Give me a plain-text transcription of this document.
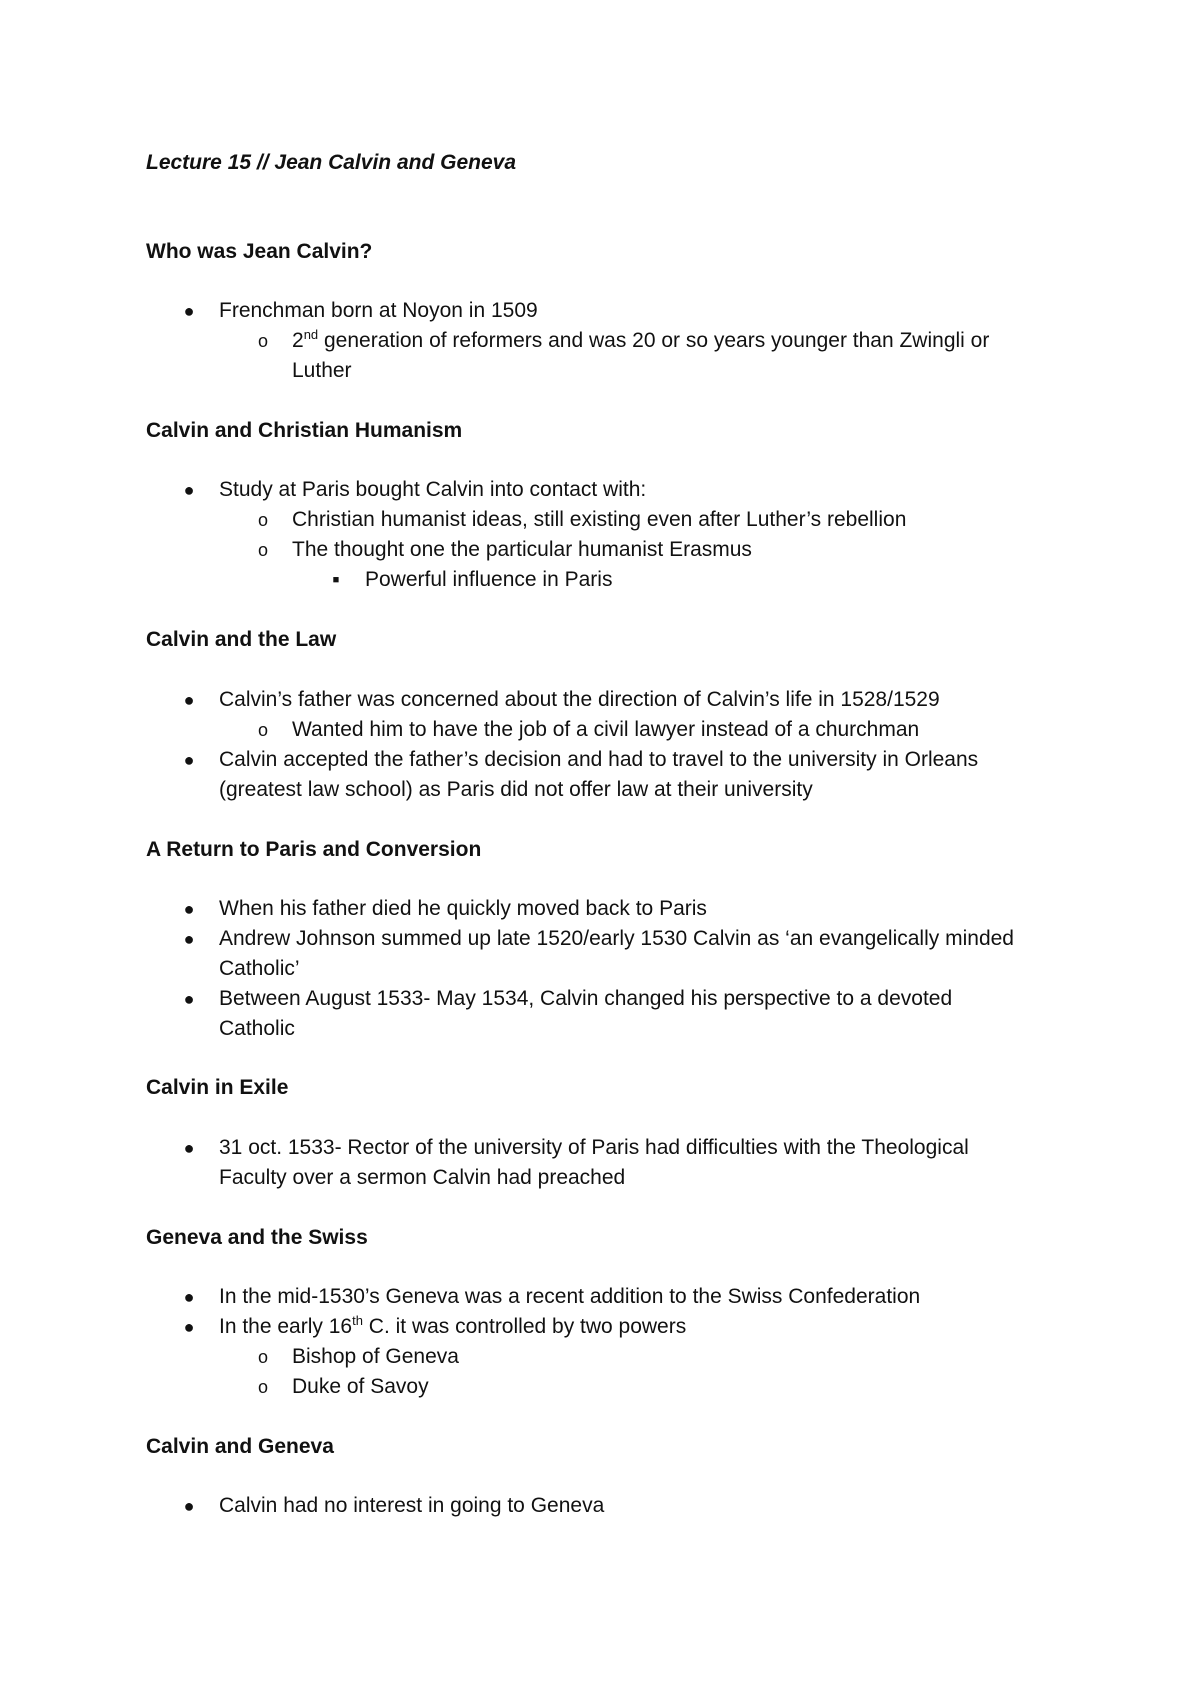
Lecture 15 // Jean Calvin and Geneva
Who was Jean Calvin?
● Frenchman born at Noyon in 1509
o 2nd generation of reformers and was 20 or so years younger than Zwingli or
Luther
Calvin and Christian Humanism
● Study at Paris bought Calvin into contact with:
o Christian humanist ideas, still existing even after Luther’s rebellion
o The thought one the particular humanist Erasmus
■	Powerful influence in Paris
Calvin and the Law
● Calvin’s father was concerned about the direction of Calvin’s life in 1528/1529
o Wanted him to have the job of a civil lawyer instead of a churchman
● Calvin accepted the father’s decision and had to travel to the university in Orleans
(greatest law school) as Paris did not offer law at their university
A Return to Paris and Conversion
● When his father died he quickly moved back to Paris
● Andrew Johnson summed up late 1520/early 1530 Calvin as ‘an evangelically minded
Catholic’
● Between August 1533- May 1534, Calvin changed his perspective to a devoted
Catholic
Calvin in Exile
● 31 oct. 1533- Rector of the university of Paris had difficulties with the Theological
Faculty over a sermon Calvin had preached
Geneva and the Swiss
● In the mid-1530’s Geneva was a recent addition to the Swiss Confederation
● In the early 16th C. it was controlled by two powers
o Bishop of Geneva
o Duke of Savoy
Calvin and Geneva
● Calvin had no interest in going to Geneva
